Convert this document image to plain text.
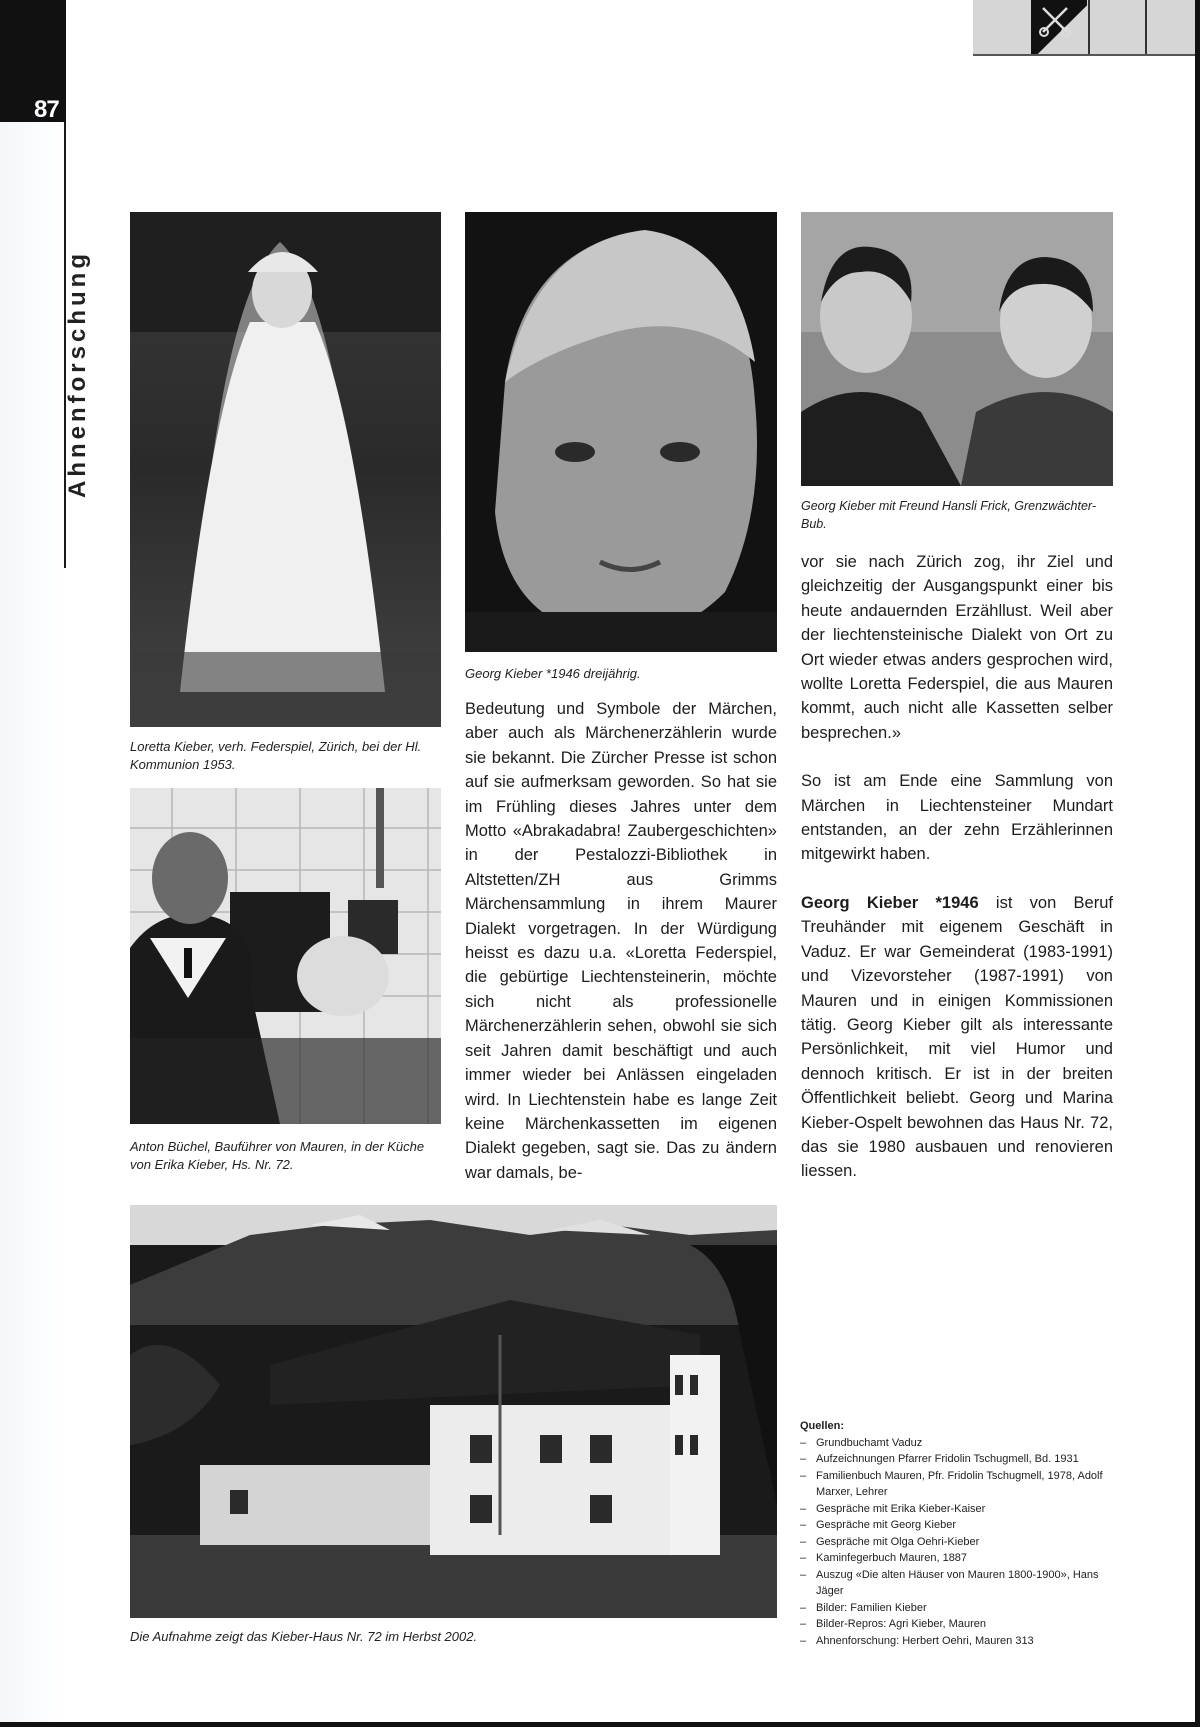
87
Ahnenforschung
Loretta Kieber, verh. Federspiel, Zürich, bei der Hl. Kommunion 1953.
Anton Büchel, Bauführer von Mauren, in der Küche von Erika Kieber, Hs. Nr. 72.
Georg Kieber *1946 dreijährig.
Georg Kieber mit Freund Hansli Frick, Grenzwächter-Bub.

Bedeutung und Symbole der Märchen, aber auch als Märchenerzählerin wurde sie bekannt. Die Zürcher Presse ist schon auf sie aufmerksam geworden. So hat sie im Frühling dieses Jahres unter dem Motto «Abrakadabra! Zaubergeschichten» in der Pestalozzi-Bibliothek in Altstetten/ZH aus Grimms Märchensammlung in ihrem Maurer Dialekt vorgetragen. In der Würdigung heisst es dazu u.a. «Loretta Federspiel, die gebürtige Liechtensteinerin, möchte sich nicht als professionelle Märchenerzählerin sehen, obwohl sie sich seit Jahren damit beschäftigt und auch immer wieder bei Anlässen eingeladen wird. In Liechtenstein habe es lange Zeit keine Märchenkassetten im eigenen Dialekt gegeben, sagt sie. Das zu ändern war damals, be-

vor sie nach Zürich zog, ihr Ziel und gleichzeitig der Ausgangspunkt einer bis heute andauernden Erzähllust. Weil aber der liechtensteinische Dialekt von Ort zu Ort wieder etwas anders gesprochen wird, wollte Loretta Federspiel, die aus Mauren kommt, auch nicht alle Kassetten selber besprechen.»

So ist am Ende eine Sammlung von Märchen in Liechtensteiner Mundart entstanden, an der zehn Erzählerinnen mitgewirkt haben.

Georg Kieber *1946 ist von Beruf Treuhänder mit eigenem Geschäft in Vaduz. Er war Gemeinderat (1983-1991) und Vizevorsteher (1987-1991) von Mauren und in einigen Kommissionen tätig. Georg Kieber gilt als interessante Persönlichkeit, mit viel Humor und dennoch kritisch. Er ist in der breiten Öffentlichkeit beliebt. Georg und Marina Kieber-Ospelt bewohnen das Haus Nr. 72, das sie 1980 ausbauen und renovieren liessen.

Die Aufnahme zeigt das Kieber-Haus Nr. 72 im Herbst 2002.
Quellen:
– Grundbuchamt Vaduz
– Aufzeichnungen Pfarrer Fridolin Tschugmell, Bd. 1931
– Familienbuch Mauren, Pfr. Fridolin Tschugmell, 1978, Adolf Marxer, Lehrer
– Gespräche mit Erika Kieber-Kaiser
– Gespräche mit Georg Kieber
– Gespräche mit Olga Oehri-Kieber
– Kaminfegerbuch Mauren, 1887
– Auszug «Die alten Häuser von Mauren 1800-1900», Hans Jäger
– Bilder: Familien Kieber
– Bilder-Repros: Agri Kieber, Mauren
– Ahnenforschung: Herbert Oehri, Mauren 313
